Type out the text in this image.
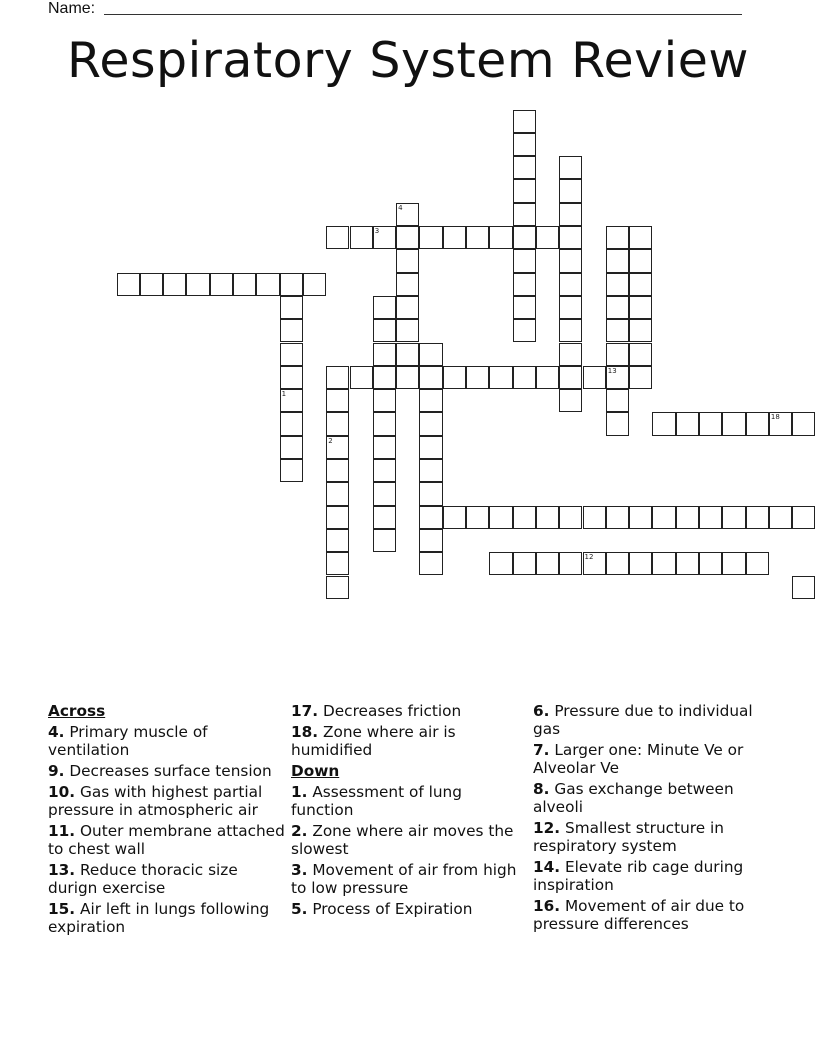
Name:
Respiratory System Review
4
13
1
2
3
18
12
Across
4. Primary muscle of ventilation
9. Decreases surface tension
10. Gas with highest partial pressure in atmospheric air
11. Outer membrane attached to chest wall
13. Reduce thoracic size durign exercise
15. Air left in lungs following expiration
17. Decreases friction
18. Zone where air is humidified
Down
1. Assessment of lung function
2. Zone where air moves the slowest
3. Movement of air from high to low pressure
5. Process of Expiration
6. Pressure due to individual gas
7. Larger one: Minute Ve or Alveolar Ve
8. Gas exchange between alveoli
12. Smallest structure in respiratory system
14. Elevate rib cage during inspiration
16. Movement of air due to pressure differences
